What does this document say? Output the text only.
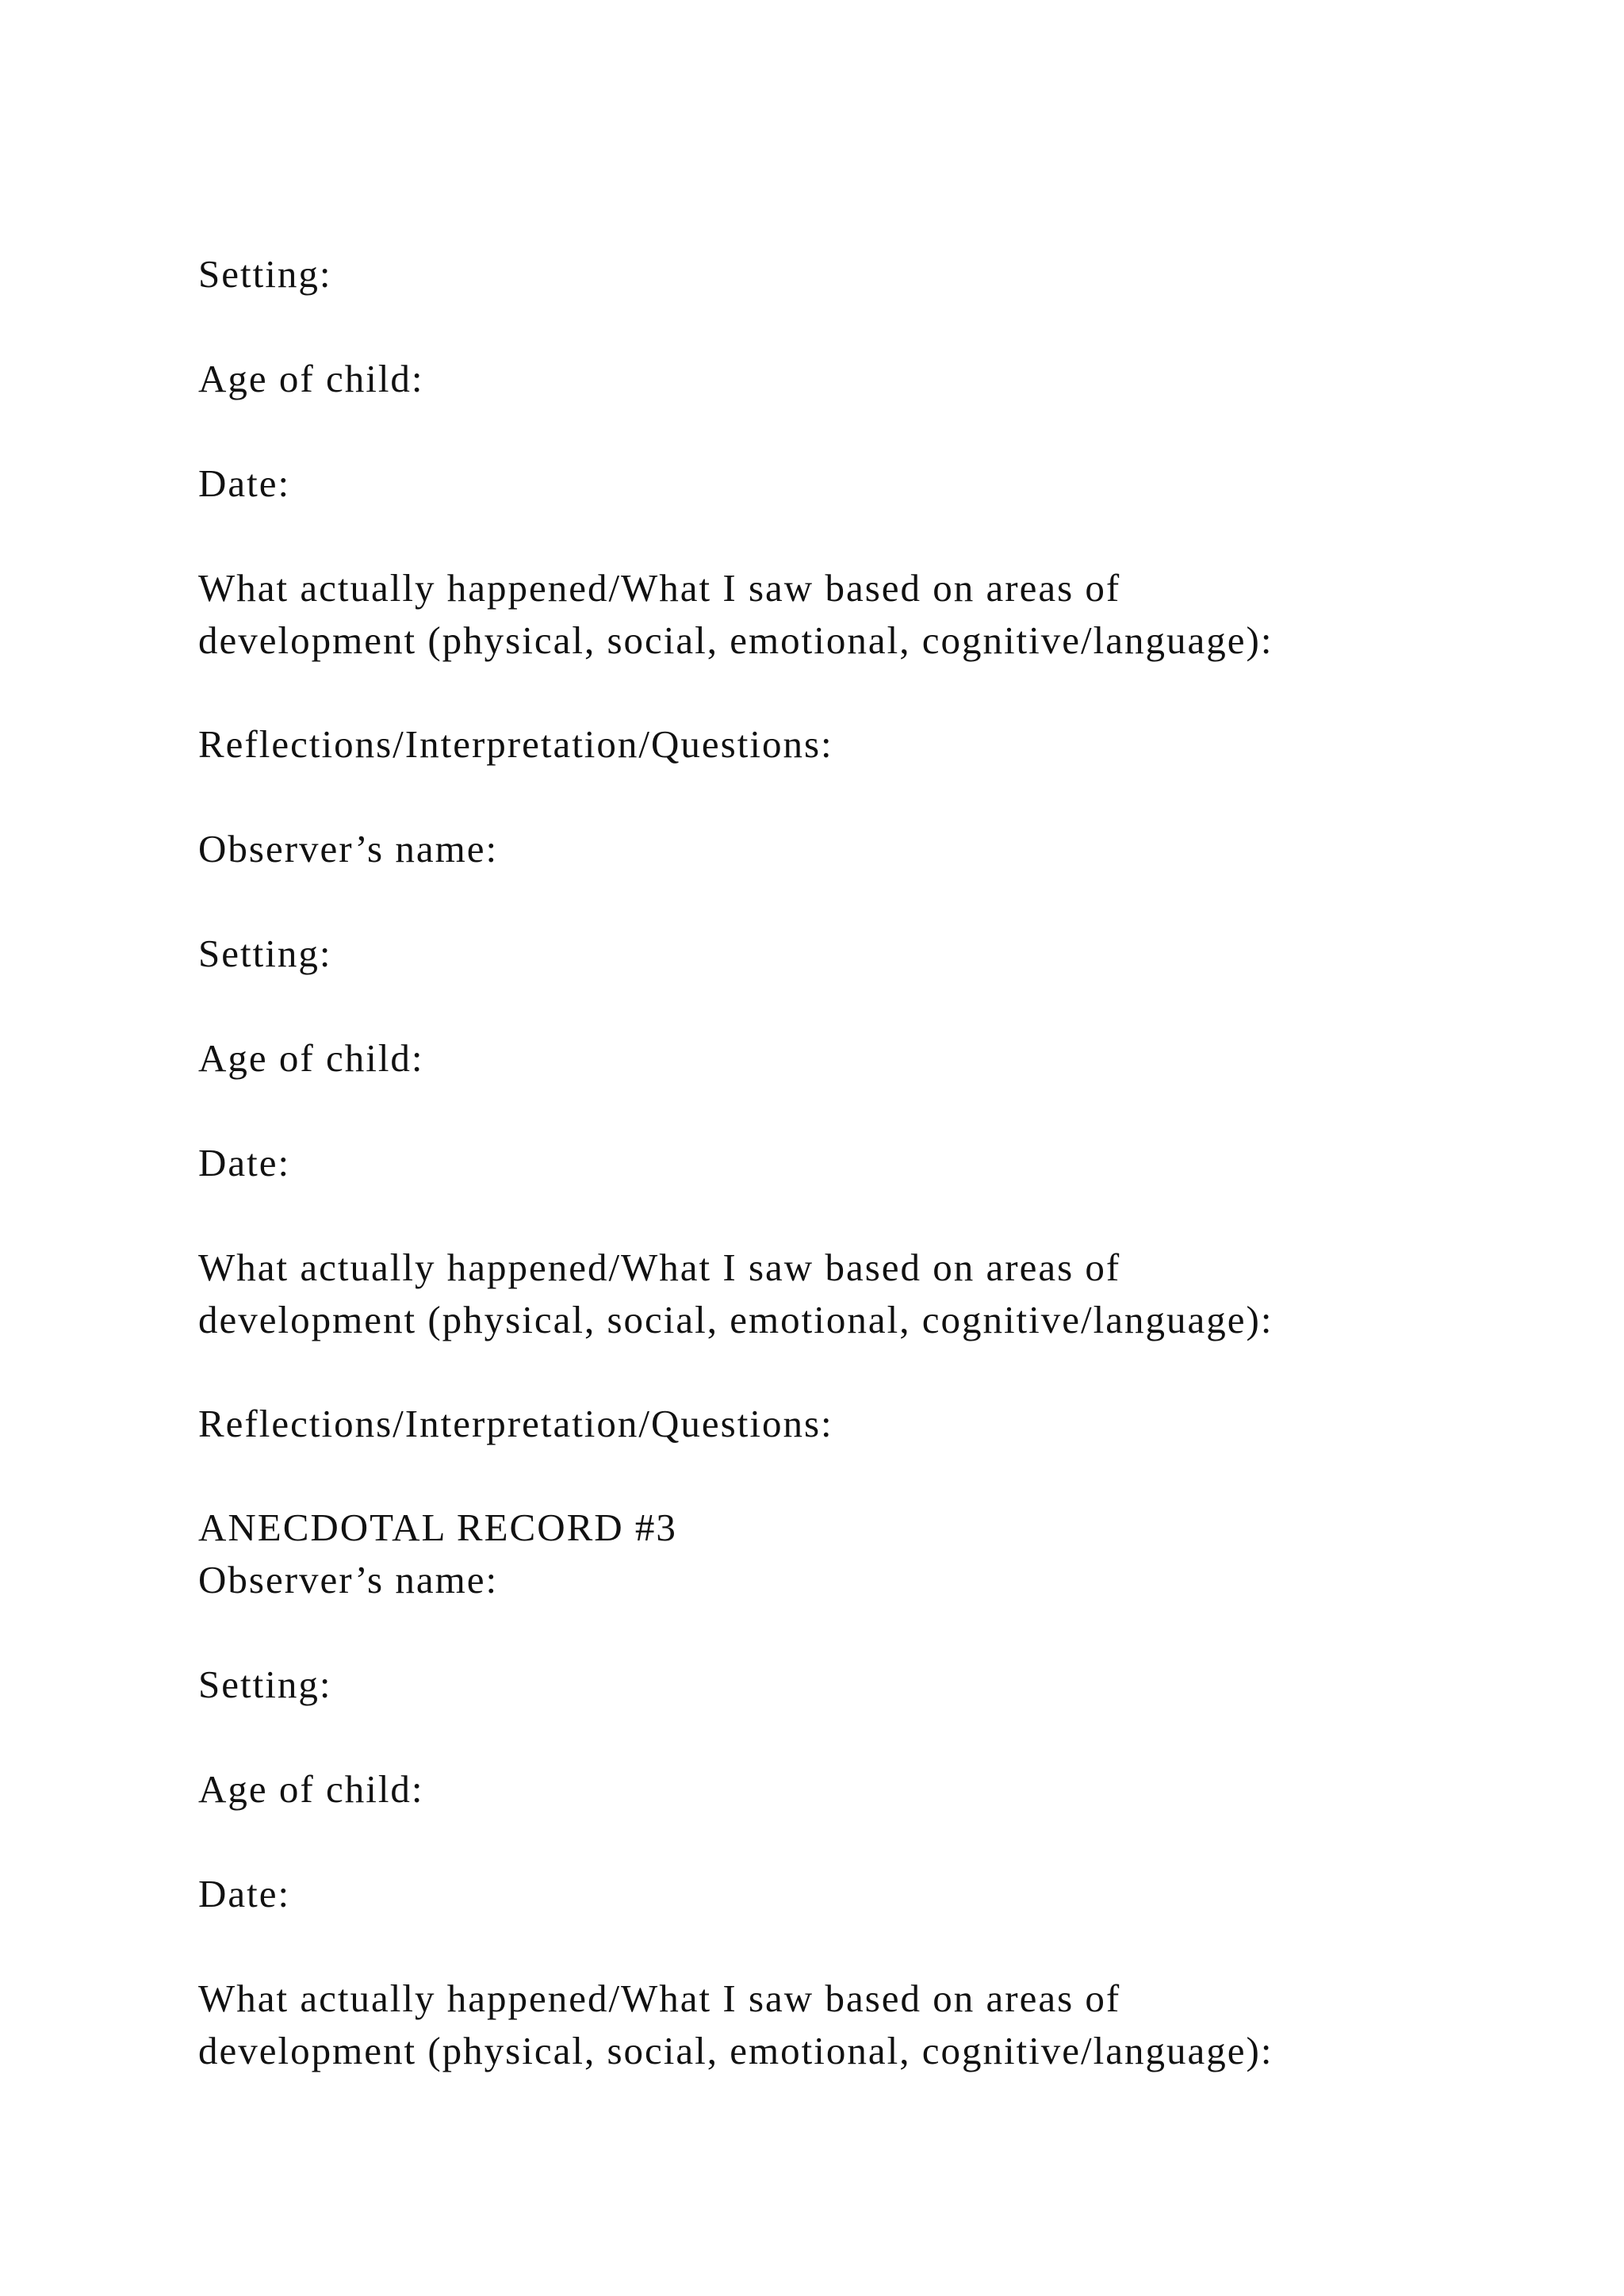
Setting:
Age of child:
Date:
What actually happened/What I saw based on areas of
development (physical, social, emotional, cognitive/language):
Reflections/Interpretation/Questions:
Observer’s name:
Setting:
Age of child:
Date:
What actually happened/What I saw based on areas of
development (physical, social, emotional, cognitive/language):
Reflections/Interpretation/Questions:
ANECDOTAL RECORD #3
Observer’s name:
Setting:
Age of child:
Date:
What actually happened/What I saw based on areas of
development (physical, social, emotional, cognitive/language):
